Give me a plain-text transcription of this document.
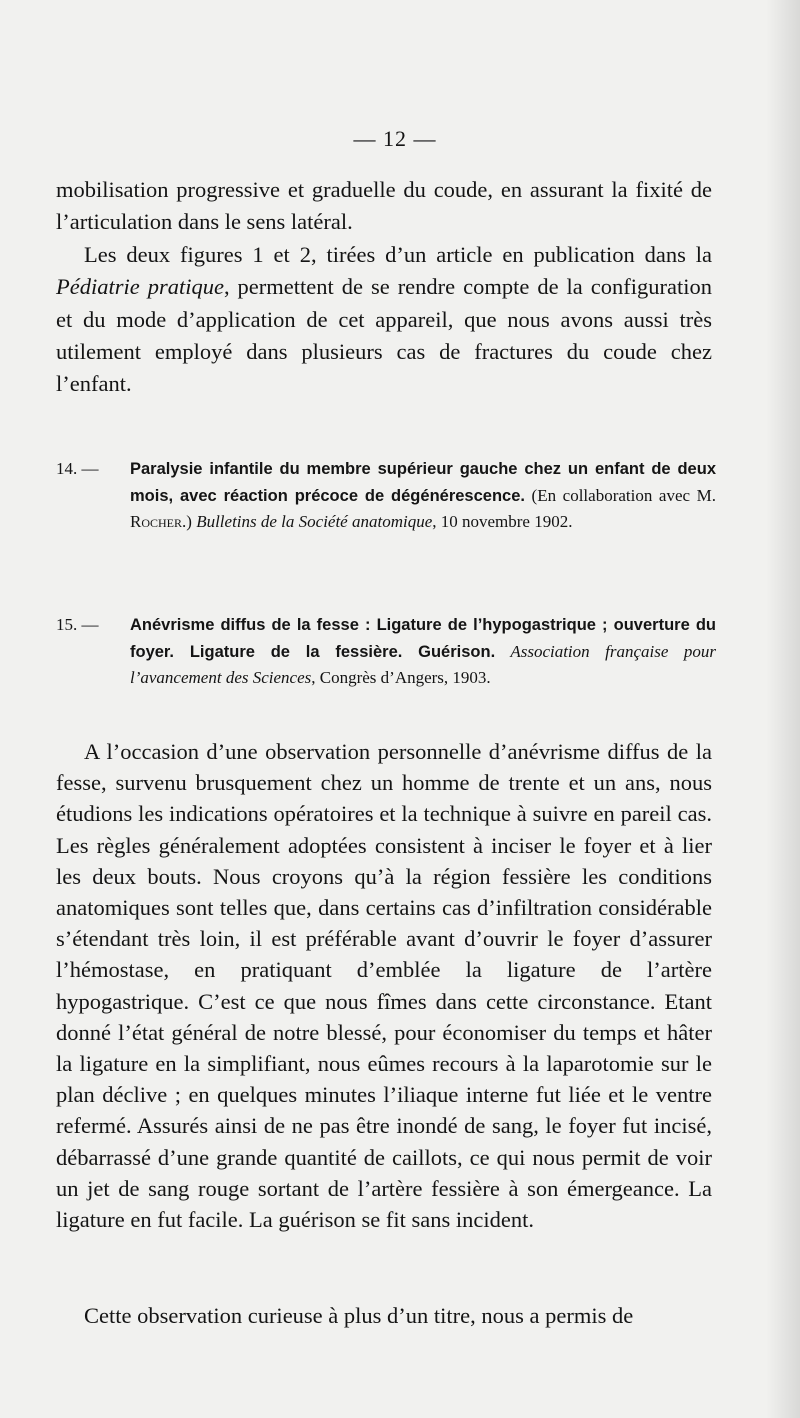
— 12 —

mobilisation progressive et graduelle du coude, en assurant la fixité de l’articulation dans le sens latéral.

Les deux figures 1 et 2, tirées d’un article en publication dans la Pédiatrie pratique, permettent de se rendre compte de la configuration et du mode d’application de cet appareil, que nous avons aussi très utilement employé dans plusieurs cas de fractures du coude chez l’enfant.

14. — Paralysie infantile du membre supérieur gauche chez un enfant de deux mois, avec réaction précoce de dégénérescence. (En collaboration avec M. Rocher.) Bulletins de la Société anatomique, 10 novembre 1902.
15. — Anévrisme diffus de la fesse : Ligature de l’hypogastrique ; ouverture du foyer. Ligature de la fessière. Guérison. Association française pour l’avancement des Sciences, Congrès d’Angers, 1903.

A l’occasion d’une observation personnelle d’anévrisme diffus de la fesse, survenu brusquement chez un homme de trente et un ans, nous étudions les indications opératoires et la technique à suivre en pareil cas. Les règles généralement adoptées consistent à inciser le foyer et à lier les deux bouts. Nous croyons qu’à la région fessière les conditions anatomiques sont telles que, dans certains cas d’infiltration considérable s’étendant très loin, il est préférable avant d’ouvrir le foyer d’assurer l’hémostase, en pratiquant d’emblée la ligature de l’artère hypogastrique. C’est ce que nous fîmes dans cette circonstance. Etant donné l’état général de notre blessé, pour économiser du temps et hâter la ligature en la simplifiant, nous eûmes recours à la laparotomie sur le plan déclive ; en quelques minutes l’iliaque interne fut liée et le ventre refermé. Assurés ainsi de ne pas être inondé de sang, le foyer fut incisé, débarrassé d’une grande quantité de caillots, ce qui nous permit de voir un jet de sang rouge sortant de l’artère fessière à son émergeance. La ligature en fut facile. La guérison se fit sans incident.

Cette observation curieuse à plus d’un titre, nous a permis de
